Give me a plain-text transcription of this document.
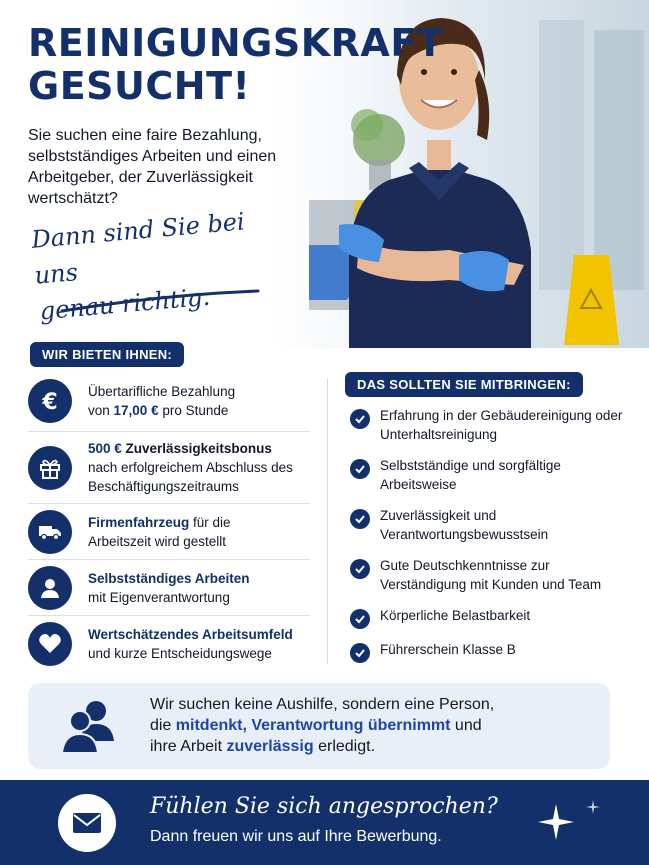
REINIGUNGSKRAFT
GESUCHT!
Sie suchen eine faire Bezahlung, selbstständiges Arbeiten und einen Arbeitgeber, der Zuverlässigkeit wertschätzt?
Dann sind Sie bei uns
genau richtig.
WIR BIETEN IHNEN:
€ Übertarifliche Bezahlung
von 17,00 € pro Stunde
500 € Zuverlässigkeitsbonus
nach erfolgreichem Abschluss des Beschäftigungszeitraums
Firmenfahrzeug für die
Arbeitszeit wird gestellt
Selbstständiges Arbeiten
mit Eigenverantwortung
Wertschätzendes Arbeitsumfeld
und kurze Entscheidungswege
DAS SOLLTEN SIE MITBRINGEN:
Erfahrung in der Gebäudereinigung oder Unterhaltsreinigung
Selbstständige und sorgfältige Arbeitsweise
Zuverlässigkeit und Verantwortungsbewusstsein
Gute Deutschkenntnisse zur Verständigung mit Kunden und Team
Körperliche Belastbarkeit
Führerschein Klasse B
Wir suchen keine Aushilfe, sondern eine Person,
die mitdenkt, Verantwortung übernimmt und
ihre Arbeit zuverlässig erledigt.
Fühlen Sie sich angesprochen?
Dann freuen wir uns auf Ihre Bewerbung.
